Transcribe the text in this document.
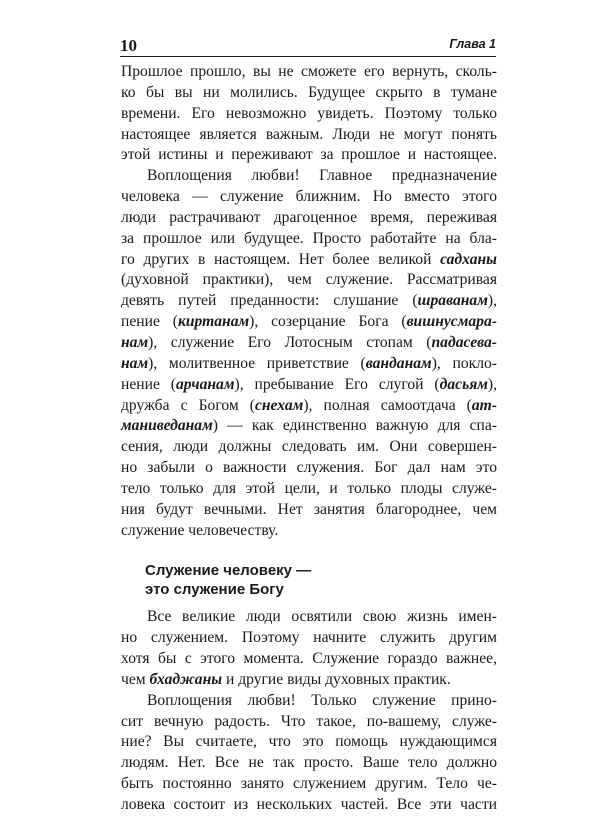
10	Глава 1
Прошлое прошло, вы не сможете его вернуть, сколь-
ко бы вы ни молились. Будущее скрыто в тумане
времени. Его невозможно увидеть. Поэтому только
настоящее является важным. Люди не могут понять
этой истины и переживают за прошлое и настоящее.
Воплощения любви! Главное предназначение
человека — служение ближним. Но вместо этого
люди растрачивают драгоценное время, переживая
за прошлое или будущее. Просто работайте на бла-
го других в настоящем. Нет более великой садханы
(духовной практики), чем служение. Рассматривая
девять путей преданности: слушание (шраванам),
пение (киртанам), созерцание Бога (вишнусмара-
нам), служение Его Лотосным стопам (падасева-
нам), молитвенное приветствие (ванданам), покло-
нение (арчанам), пребывание Его слугой (дасьям),
дружба с Богом (снехам), полная самоотдача (ат-
маниведанам) — как единственно важную для спа-
сения, люди должны следовать им. Они совершен-
но забыли о важности служения. Бог дал нам это
тело только для этой цели, и только плоды служе-
ния будут вечными. Нет занятия благороднее, чем
служение человечеству.
Служение человеку —
это служение Богу
Все великие люди освятили свою жизнь имен-
но служением. Поэтому начните служить другим
хотя бы с этого момента. Служение гораздо важнее,
чем бхаджаны и другие виды духовных практик.
Воплощения любви! Только служение прино-
сит вечную радость. Что такое, по-вашему, служе-
ние? Вы считаете, что это помощь нуждающимся
людям. Нет. Все не так просто. Ваше тело должно
быть постоянно занято служением другим. Тело че-
ловека состоит из нескольких частей. Все эти части
